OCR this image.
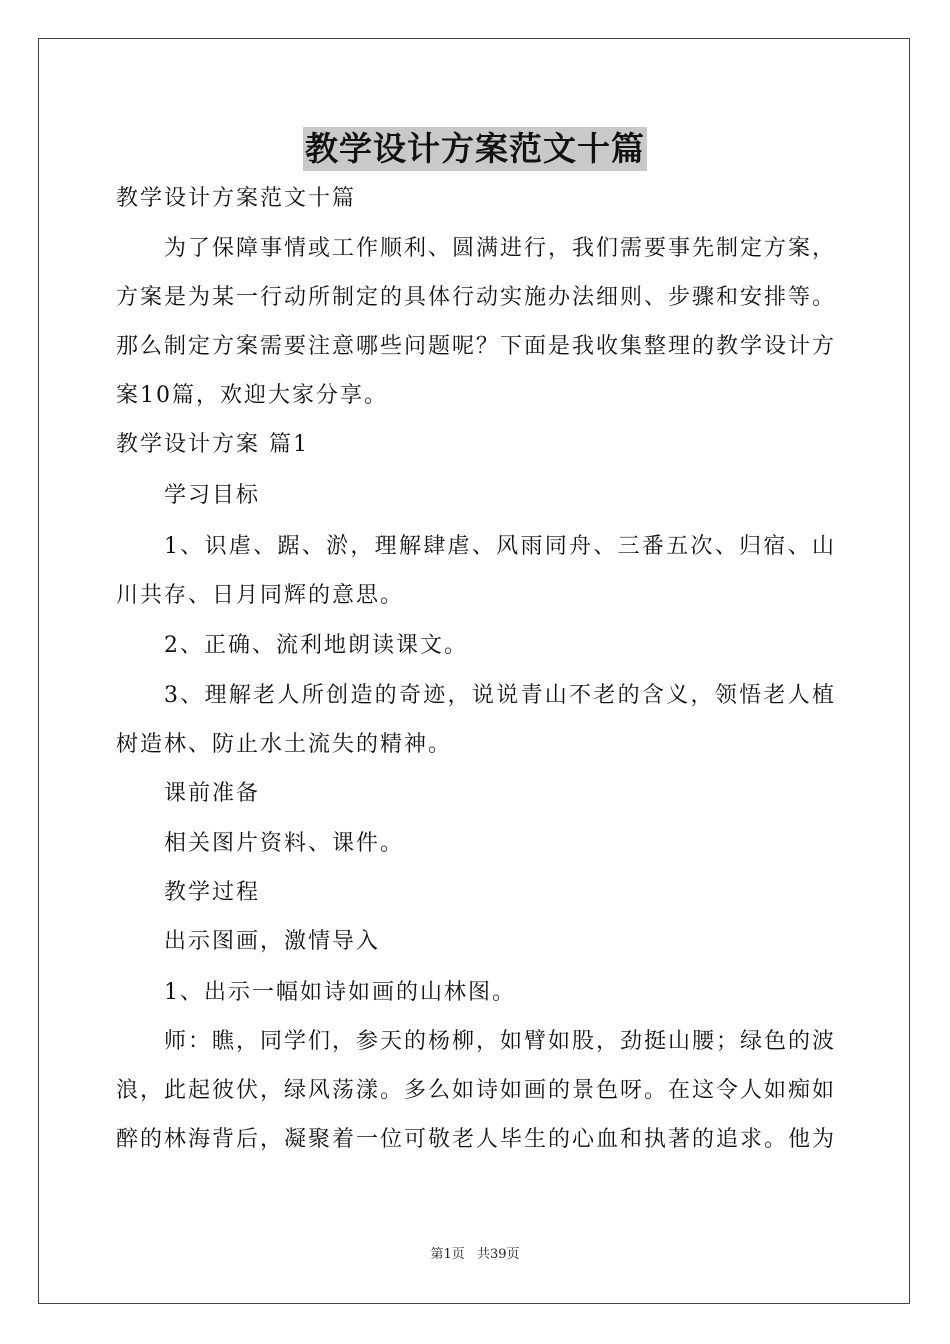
教学设计方案范文十篇

教学设计方案范文十篇

为了保障事情或工作顺利、圆满进行，我们需要事先制定方案，方案是为某一行动所制定的具体行动实施办法细则、步骤和安排等。那么制定方案需要注意哪些问题呢？下面是我收集整理的教学设计方案10篇，欢迎大家分享。

教学设计方案 篇1

学习目标

1、识虐、踞、淤，理解肆虐、风雨同舟、三番五次、归宿、山川共存、日月同辉的意思。

2、正确、流利地朗读课文。

3、理解老人所创造的奇迹，说说青山不老的含义，领悟老人植树造林、防止水土流失的精神。

课前准备

相关图片资料、课件。

教学过程

出示图画，激情导入

1、出示一幅如诗如画的山林图。

师：瞧，同学们，参天的杨柳，如臂如股，劲挺山腰；绿色的波浪，此起彼伏，绿风荡漾。多么如诗如画的景色呀。在这令人如痴如醉的林海背后，凝聚着一位可敬老人毕生的心血和执著的追求。他为

第1页 共39页
